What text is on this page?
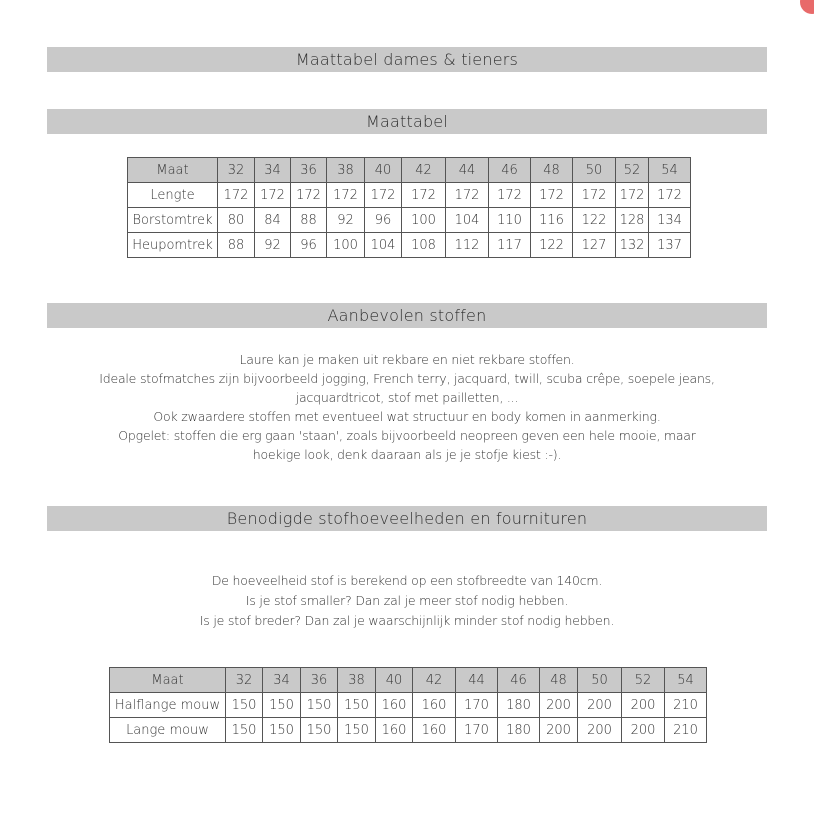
Maattabel dames & tieners
Maattabel
Maat	32	34	36	38	40	42	44	46	48	50	52	54
Lengte	172	172	172	172	172	172	172	172	172	172	172	172
Borstomtrek	80	84	88	92	96	100	104	110	116	122	128	134
Heupomtrek	88	92	96	100	104	108	112	117	122	127	132	137
Aanbevolen stoffen
Laure kan je maken uit rekbare en niet rekbare stoffen.
Ideale stofmatches zijn bijvoorbeeld jogging, French terry, jacquard, twill, scuba crêpe, soepele jeans,
jacquardtricot, stof met pailletten, ...
Ook zwaardere stoffen met eventueel wat structuur en body komen in aanmerking.
Opgelet: stoffen die erg gaan 'staan', zoals bijvoorbeeld neopreen geven een hele mooie, maar
hoekige look, denk daaraan als je je stofje kiest :-).
Benodigde stofhoeveelheden en fournituren
De hoeveelheid stof is berekend op een stofbreedte van 140cm.
Is je stof smaller? Dan zal je meer stof nodig hebben.
Is je stof breder? Dan zal je waarschijnlijk minder stof nodig hebben.
Maat	32	34	36	38	40	42	44	46	48	50	52	54
Halflange mouw	150	150	150	150	160	160	170	180	200	200	200	210
Lange mouw	150	150	150	150	160	160	170	180	200	200	200	210
